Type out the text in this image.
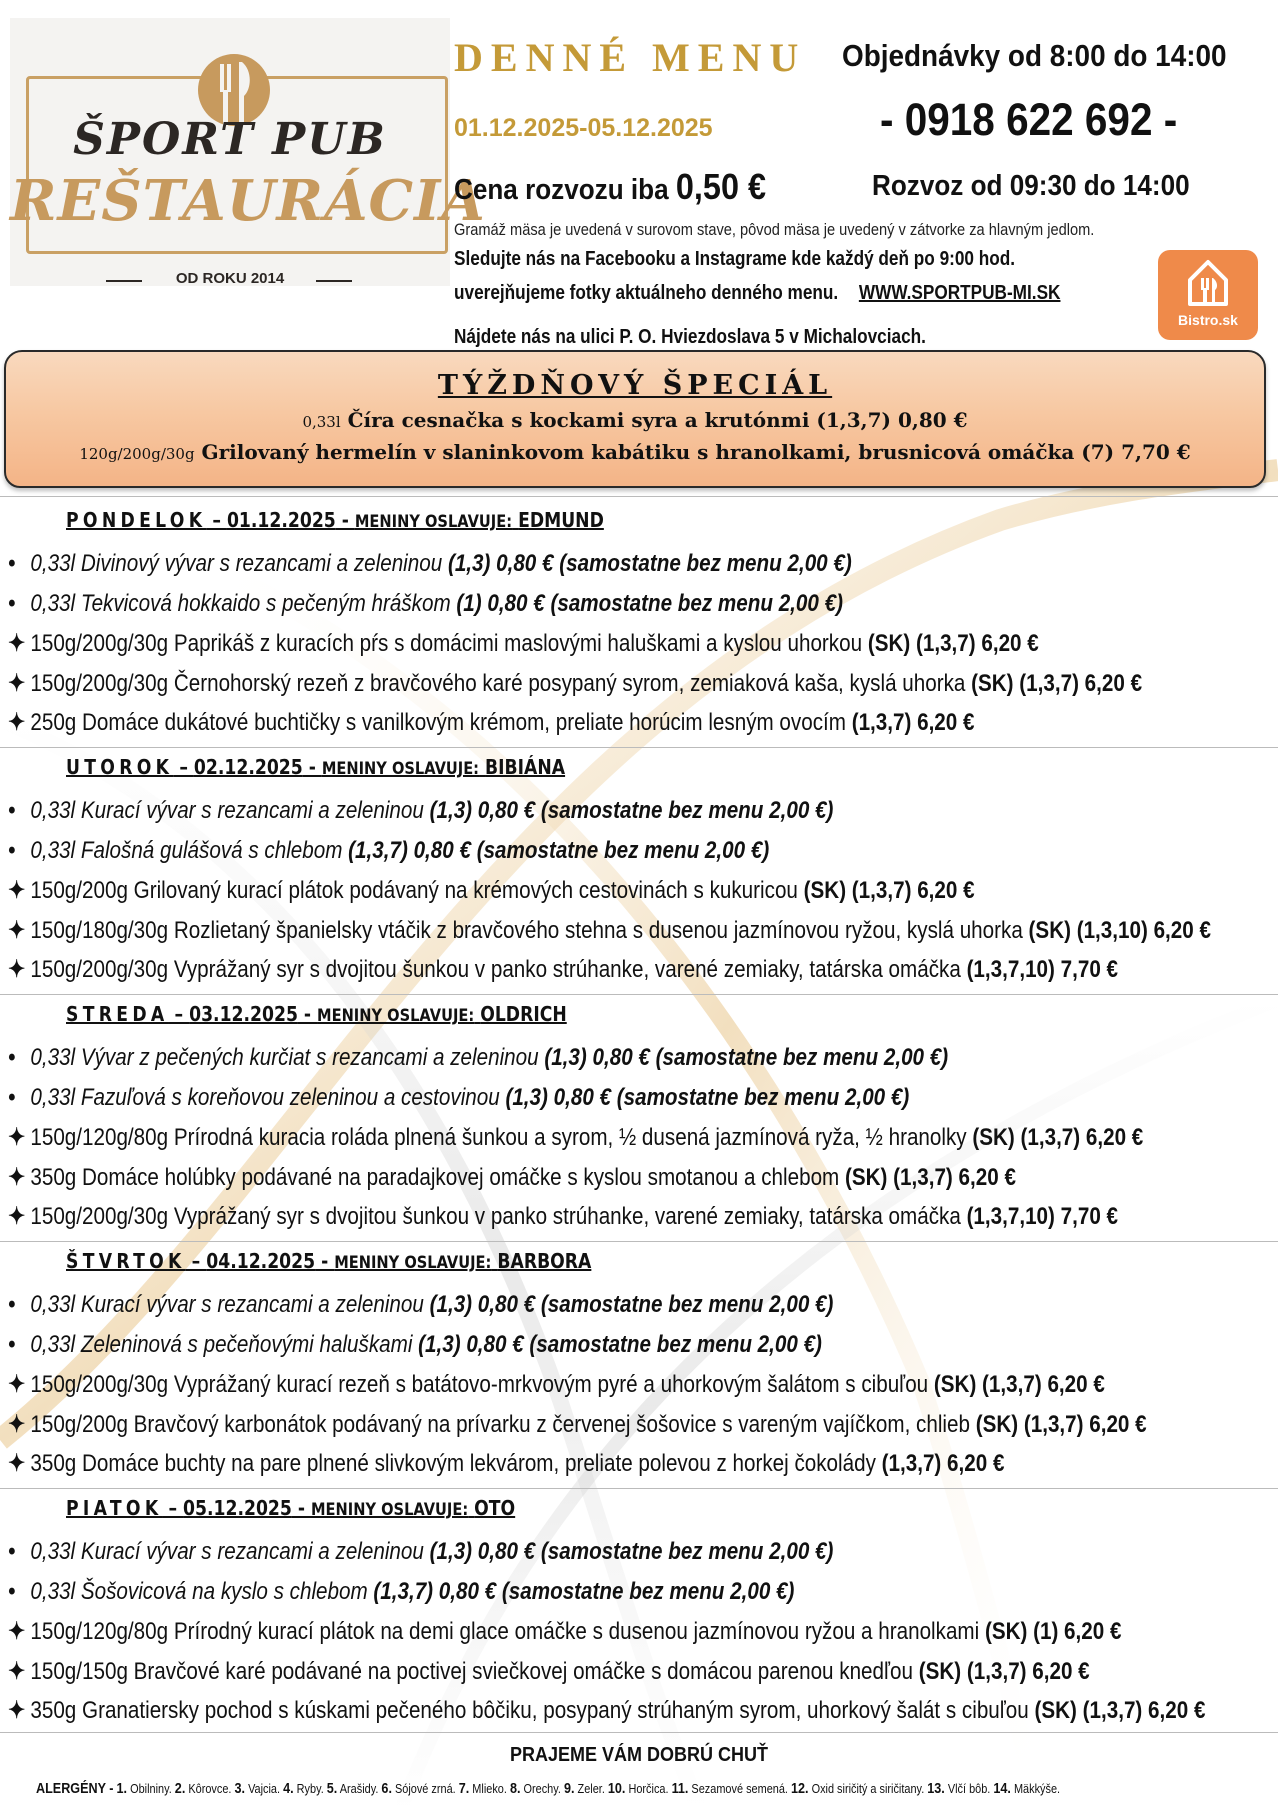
ŠPORT PUB
REŠTAURÁCIA
OD ROKU 2014
DENNÉ MENU
01.12.2025-05.12.2025
Objednávky od 8:00 do 14:00
- 0918 622 692 -
Cena rozvozu iba 0,50 €	Rozvoz od 09:30 do 14:00
Gramáž mäsa je uvedená v surovom stave, pôvod mäsa je uvedený v zátvorke za hlavným jedlom.
Sledujte nás na Facebooku a Instagrame kde každý deň po 9:00 hod.
uverejňujeme fotky aktuálneho denného menu. WWW.SPORTPUB-MI.SK
Nájdete nás na ulici P. O. Hviezdoslava 5 v Michalovciach.
Bistro.sk
TÝŽDŇOVÝ ŠPECIÁL
0,33l Číra cesnačka s kockami syra a krutónmi (1,3,7) 0,80 €
120g/200g/30g Grilovaný hermelín v slaninkovom kabátiku s hranolkami, brusnicová omáčka (7) 7,70 €
PONDELOK – 01.12.2025 - MENINY OSLAVUJE: EDMUND
• 0,33l Divinový vývar s rezancami a zeleninou (1,3) 0,80 € (samostatne bez menu 2,00 €)
• 0,33l Tekvicová hokkaido s pečeným hráškom (1) 0,80 € (samostatne bez menu 2,00 €)
✦ 150g/200g/30g Paprikáš z kuracích pŕs s domácimi maslovými haluškami a kyslou uhorkou (SK) (1,3,7) 6,20 €
✦ 150g/200g/30g Černohorský rezeň z bravčového karé posypaný syrom, zemiaková kaša, kyslá uhorka (SK) (1,3,7) 6,20 €
✦ 250g Domáce dukátové buchtičky s vanilkovým krémom, preliate horúcim lesným ovocím (1,3,7) 6,20 €
UTOROK – 02.12.2025 - MENINY OSLAVUJE: BIBIÁNA
• 0,33l Kurací vývar s rezancami a zeleninou (1,3) 0,80 € (samostatne bez menu 2,00 €)
• 0,33l Falošná gulášová s chlebom (1,3,7) 0,80 € (samostatne bez menu 2,00 €)
✦ 150g/200g Grilovaný kurací plátok podávaný na krémových cestovinách s kukuricou (SK) (1,3,7) 6,20 €
✦ 150g/180g/30g Rozlietaný španielsky vtáčik z bravčového stehna s dusenou jazmínovou ryžou, kyslá uhorka (SK) (1,3,10) 6,20 €
✦ 150g/200g/30g Vyprážaný syr s dvojitou šunkou v panko strúhanke, varené zemiaky, tatárska omáčka (1,3,7,10) 7,70 €
STREDA – 03.12.2025 - MENINY OSLAVUJE: OLDRICH
• 0,33l Vývar z pečených kurčiat s rezancami a zeleninou (1,3) 0,80 € (samostatne bez menu 2,00 €)
• 0,33l Fazuľová s koreňovou zeleninou a cestovinou (1,3) 0,80 € (samostatne bez menu 2,00 €)
✦ 150g/120g/80g Prírodná kuracia roláda plnená šunkou a syrom, ½ dusená jazmínová ryža, ½ hranolky (SK) (1,3,7) 6,20 €
✦ 350g Domáce holúbky podávané na paradajkovej omáčke s kyslou smotanou a chlebom (SK) (1,3,7) 6,20 €
✦ 150g/200g/30g Vyprážaný syr s dvojitou šunkou v panko strúhanke, varené zemiaky, tatárska omáčka (1,3,7,10) 7,70 €
ŠTVRTOK – 04.12.2025 - MENINY OSLAVUJE: BARBORA
• 0,33l Kurací vývar s rezancami a zeleninou (1,3) 0,80 € (samostatne bez menu 2,00 €)
• 0,33l Zeleninová s pečeňovými haluškami (1,3) 0,80 € (samostatne bez menu 2,00 €)
✦ 150g/200g/30g Vyprážaný kurací rezeň s batátovo-mrkvovým pyré a uhorkovým šalátom s cibuľou (SK) (1,3,7) 6,20 €
✦ 150g/200g Bravčový karbonátok podávaný na prívarku z červenej šošovice s vareným vajíčkom, chlieb (SK) (1,3,7) 6,20 €
✦ 350g Domáce buchty na pare plnené slivkovým lekvárom, preliate polevou z horkej čokolády (1,3,7) 6,20 €
PIATOK – 05.12.2025 - MENINY OSLAVUJE: OTO
• 0,33l Kurací vývar s rezancami a zeleninou (1,3) 0,80 € (samostatne bez menu 2,00 €)
• 0,33l Šošovicová na kyslo s chlebom (1,3,7) 0,80 € (samostatne bez menu 2,00 €)
✦ 150g/120g/80g Prírodný kurací plátok na demi glace omáčke s dusenou jazmínovou ryžou a hranolkami (SK) (1) 6,20 €
✦ 150g/150g Bravčové karé podávané na poctivej sviečkovej omáčke s domácou parenou knedľou (SK) (1,3,7) 6,20 €
✦ 350g Granatiersky pochod s kúskami pečeného bôčiku, posypaný strúhaným syrom, uhorkový šalát s cibuľou (SK) (1,3,7) 6,20 €
PRAJEME VÁM DOBRÚ CHUŤ
ALERGÉNY - 1. Obilniny. 2. Kôrovce. 3. Vajcia. 4. Ryby. 5. Arašidy. 6. Sójové zrná. 7. Mlieko. 8. Orechy. 9. Zeler. 10. Horčica. 11. Sezamové semená. 12. Oxid siričitý a siričitany. 13. Vlčí bôb. 14. Mäkkýše.
